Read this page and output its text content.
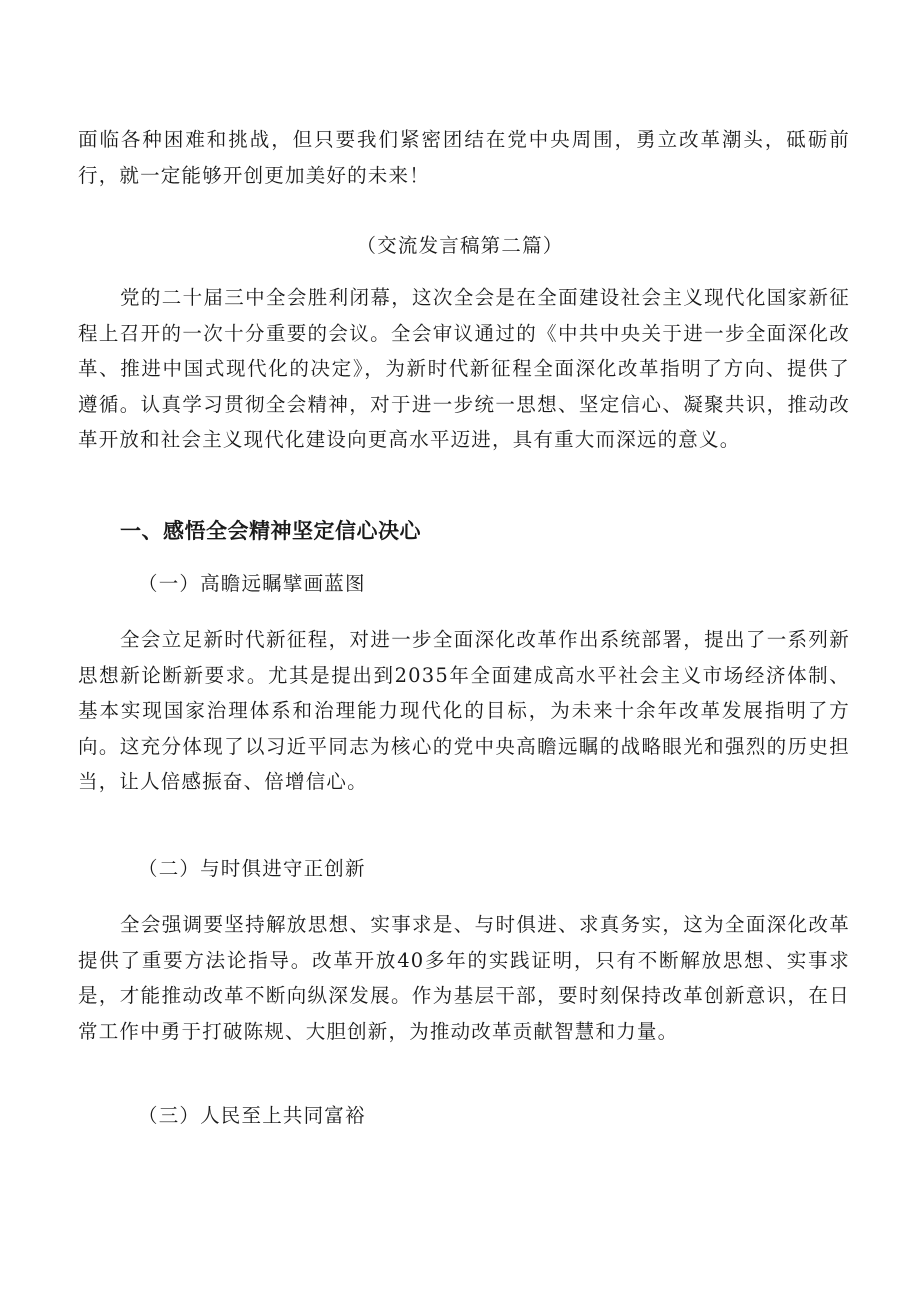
面临各种困难和挑战，但只要我们紧密团结在党中央周围，勇立改革潮头，砥砺前行，就一定能够开创更加美好的未来！

（交流发言稿第二篇）

党的二十届三中全会胜利闭幕，这次全会是在全面建设社会主义现代化国家新征程上召开的一次十分重要的会议。全会审议通过的《中共中央关于进一步全面深化改革、推进中国式现代化的决定》，为新时代新征程全面深化改革指明了方向、提供了遵循。认真学习贯彻全会精神，对于进一步统一思想、坚定信心、凝聚共识，推动改革开放和社会主义现代化建设向更高水平迈进，具有重大而深远的意义。

一、感悟全会精神坚定信心决心
（一）高瞻远瞩擘画蓝图

全会立足新时代新征程，对进一步全面深化改革作出系统部署，提出了一系列新思想新论断新要求。尤其是提出到2035年全面建成高水平社会主义市场经济体制、基本实现国家治理体系和治理能力现代化的目标，为未来十余年改革发展指明了方向。这充分体现了以习近平同志为核心的党中央高瞻远瞩的战略眼光和强烈的历史担当，让人倍感振奋、倍增信心。

（二）与时俱进守正创新

全会强调要坚持解放思想、实事求是、与时俱进、求真务实，这为全面深化改革提供了重要方法论指导。改革开放40多年的实践证明，只有不断解放思想、实事求是，才能推动改革不断向纵深发展。作为基层干部，要时刻保持改革创新意识，在日常工作中勇于打破陈规、大胆创新，为推动改革贡献智慧和力量。

（三）人民至上共同富裕
